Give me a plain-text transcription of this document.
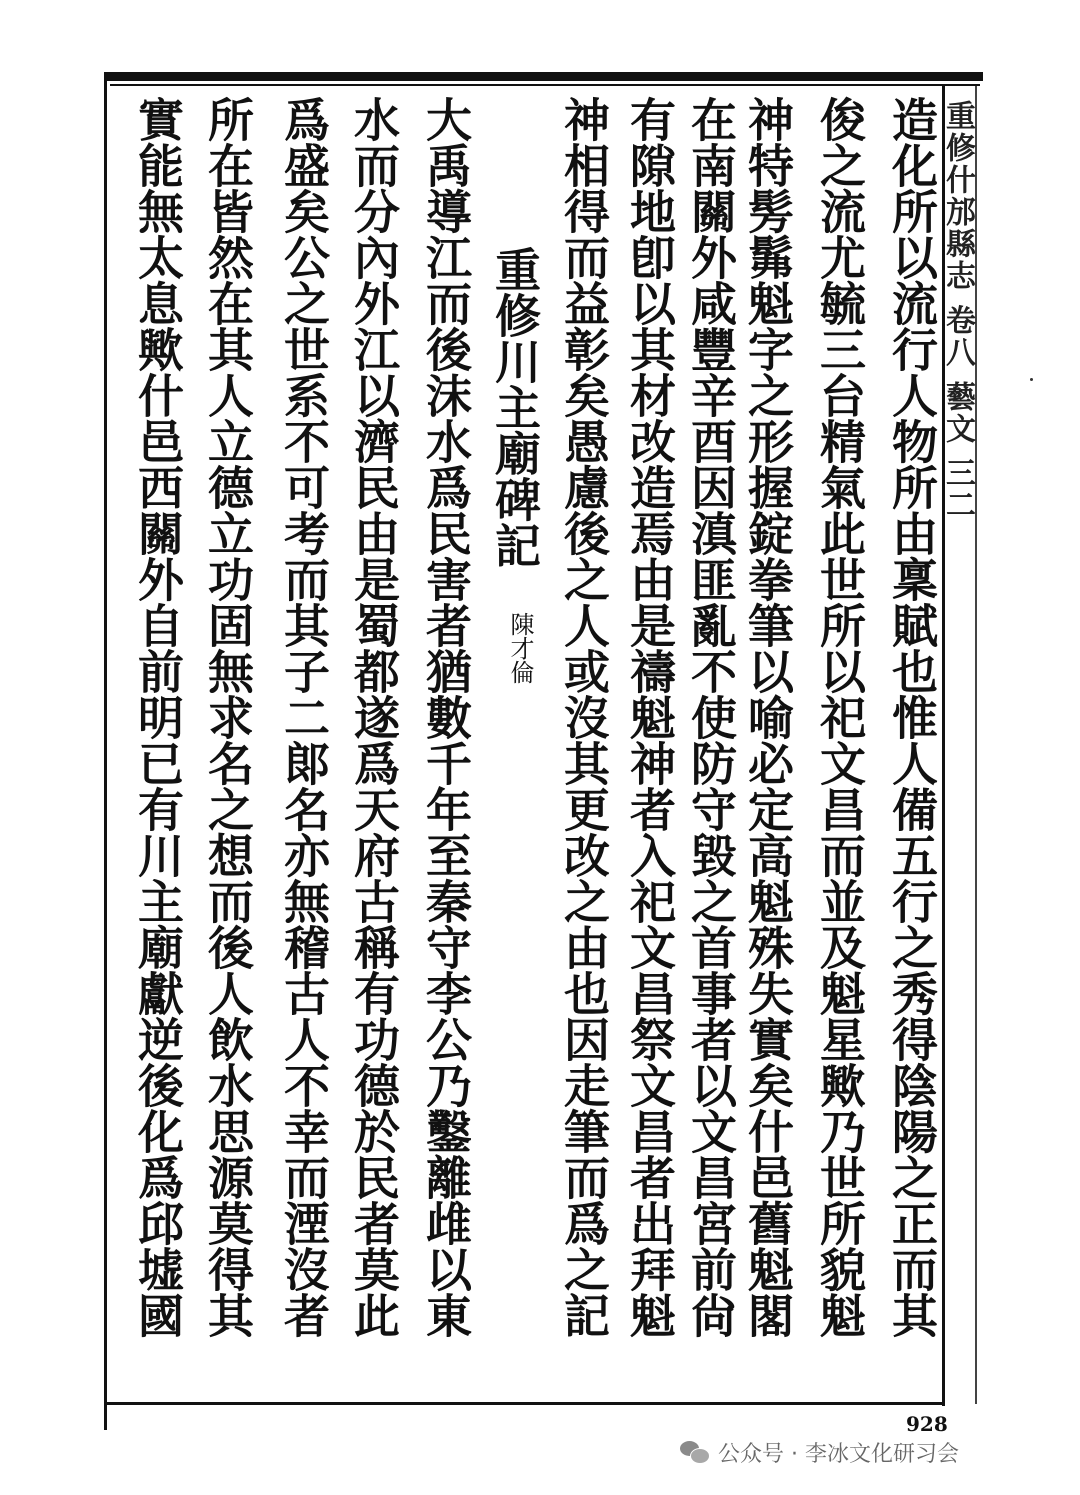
重修什邡縣志 卷八 藝文 三二
造化所以流行人物所由稟賦也惟人備五行之秀得陰陽之正而其
俊之流尤毓三台精氣此世所以祀文昌而並及魁星歟乃世所貌魁
神特髣髴魁字之形握錠拳筆以喻必定高魁殊失實矣什邑舊魁閣
在南關外咸豐辛酉因滇匪亂不使防守毀之首事者以文昌宮前尙
有隙地卽以其材改造焉由是禱魁神者入祀文昌祭文昌者出拜魁
神相得而益彰矣愚慮後之人或沒其更改之由也因走筆而爲之記
重修川主廟碑記
陳才倫
大禹導江而後沫水爲民害者猶數千年至秦守李公乃鑿離䧳以東
水而分內外江以濟民由是蜀都遂爲天府古稱有功德於民者莫此
爲盛矣公之世系不可考而其子二郞名亦無稽古人不幸而湮沒者
所在皆然在其人立德立功固無求名之想而後人飲水思源莫得其
實能無太息歟什邑西關外自前明已有川主廟獻逆後化爲邱墟國
928
公众号 · 李冰文化研习会
